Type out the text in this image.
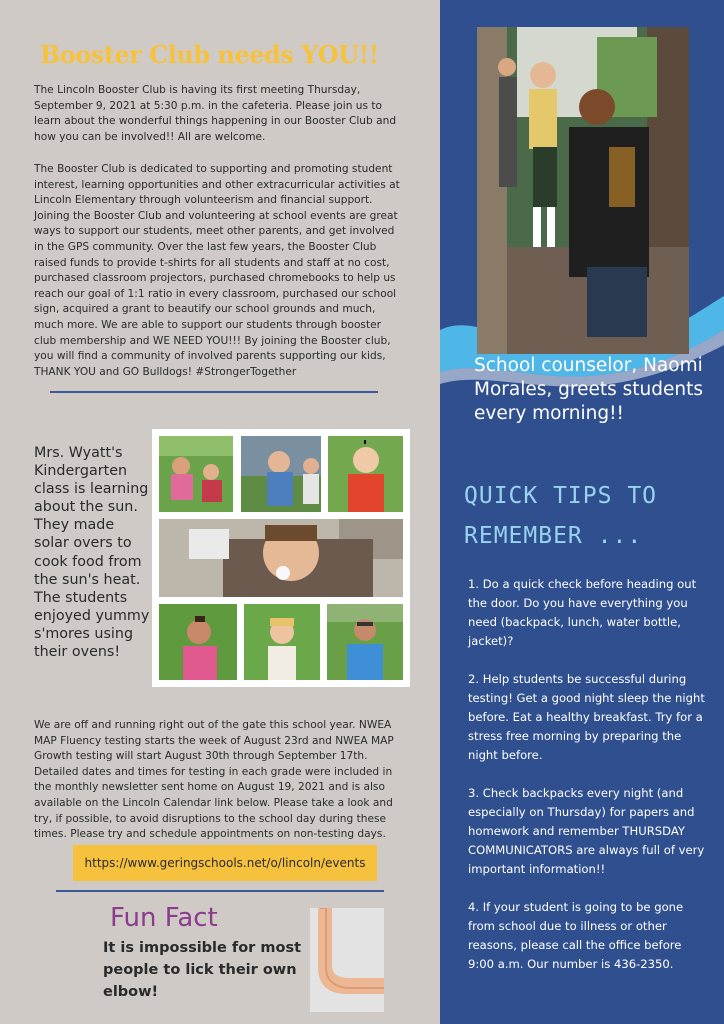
Booster Club needs YOU!!
The Lincoln Booster Club is having its first meeting Thursday, September 9, 2021 at 5:30 p.m. in the cafeteria. Please join us to learn about the wonderful things happening in our Booster Club and how you can be involved!! All are welcome.
The Booster Club is dedicated to supporting and promoting student interest, learning opportunities and other extracurricular activities at Lincoln Elementary through volunteerism and financial support. Joining the Booster Club and volunteering at school events are great ways to support our students, meet other parents, and get involved in the GPS community. Over the last few years, the Booster Club raised funds to provide t-shirts for all students and staff at no cost, purchased classroom projectors, purchased chromebooks to help us reach our goal of 1:1 ratio in every classroom, purchased our school sign, acquired a grant to beautify our school grounds and much, much more. We are able to support our students through booster club membership and WE NEED YOU!!! By joining the Booster club, you will find a community of involved parents supporting our kids,
THANK YOU and GO Bulldogs! #StrongerTogether
Mrs. Wyatt's Kindergarten class is learning about the sun. They made solar overs to cook food from the sun's heat. The students enjoyed yummy s'mores using their ovens!
We are off and running right out of the gate this school year. NWEA MAP Fluency testing starts the week of August 23rd and NWEA MAP Growth testing will start August 30th through September 17th. Detailed dates and times for testing in each grade were included in the monthly newsletter sent home on August 19, 2021 and is also available on the Lincoln Calendar link below. Please take a look and try, if possible, to avoid disruptions to the school day during these times. Please try and schedule appointments on non-testing days.
https://www.geringschools.net/o/lincoln/events
Fun Fact
It is impossible for most people to lick their own elbow!
School counselor, Naomi Morales, greets students every morning!!
QUICK TIPS TO REMEMBER ...
1. Do a quick check before heading out the door. Do you have everything you need (backpack, lunch, water bottle, jacket)?
2. Help students be successful during testing! Get a good night sleep the night before. Eat a healthy breakfast. Try for a stress free morning by preparing the night before.
3. Check backpacks every night (and especially on Thursday) for papers and homework and remember THURSDAY COMMUNICATORS are always full of very important information!!
4. If your student is going to be gone from school due to illness or other reasons, please call the office before 9:00 a.m. Our number is 436-2350.
